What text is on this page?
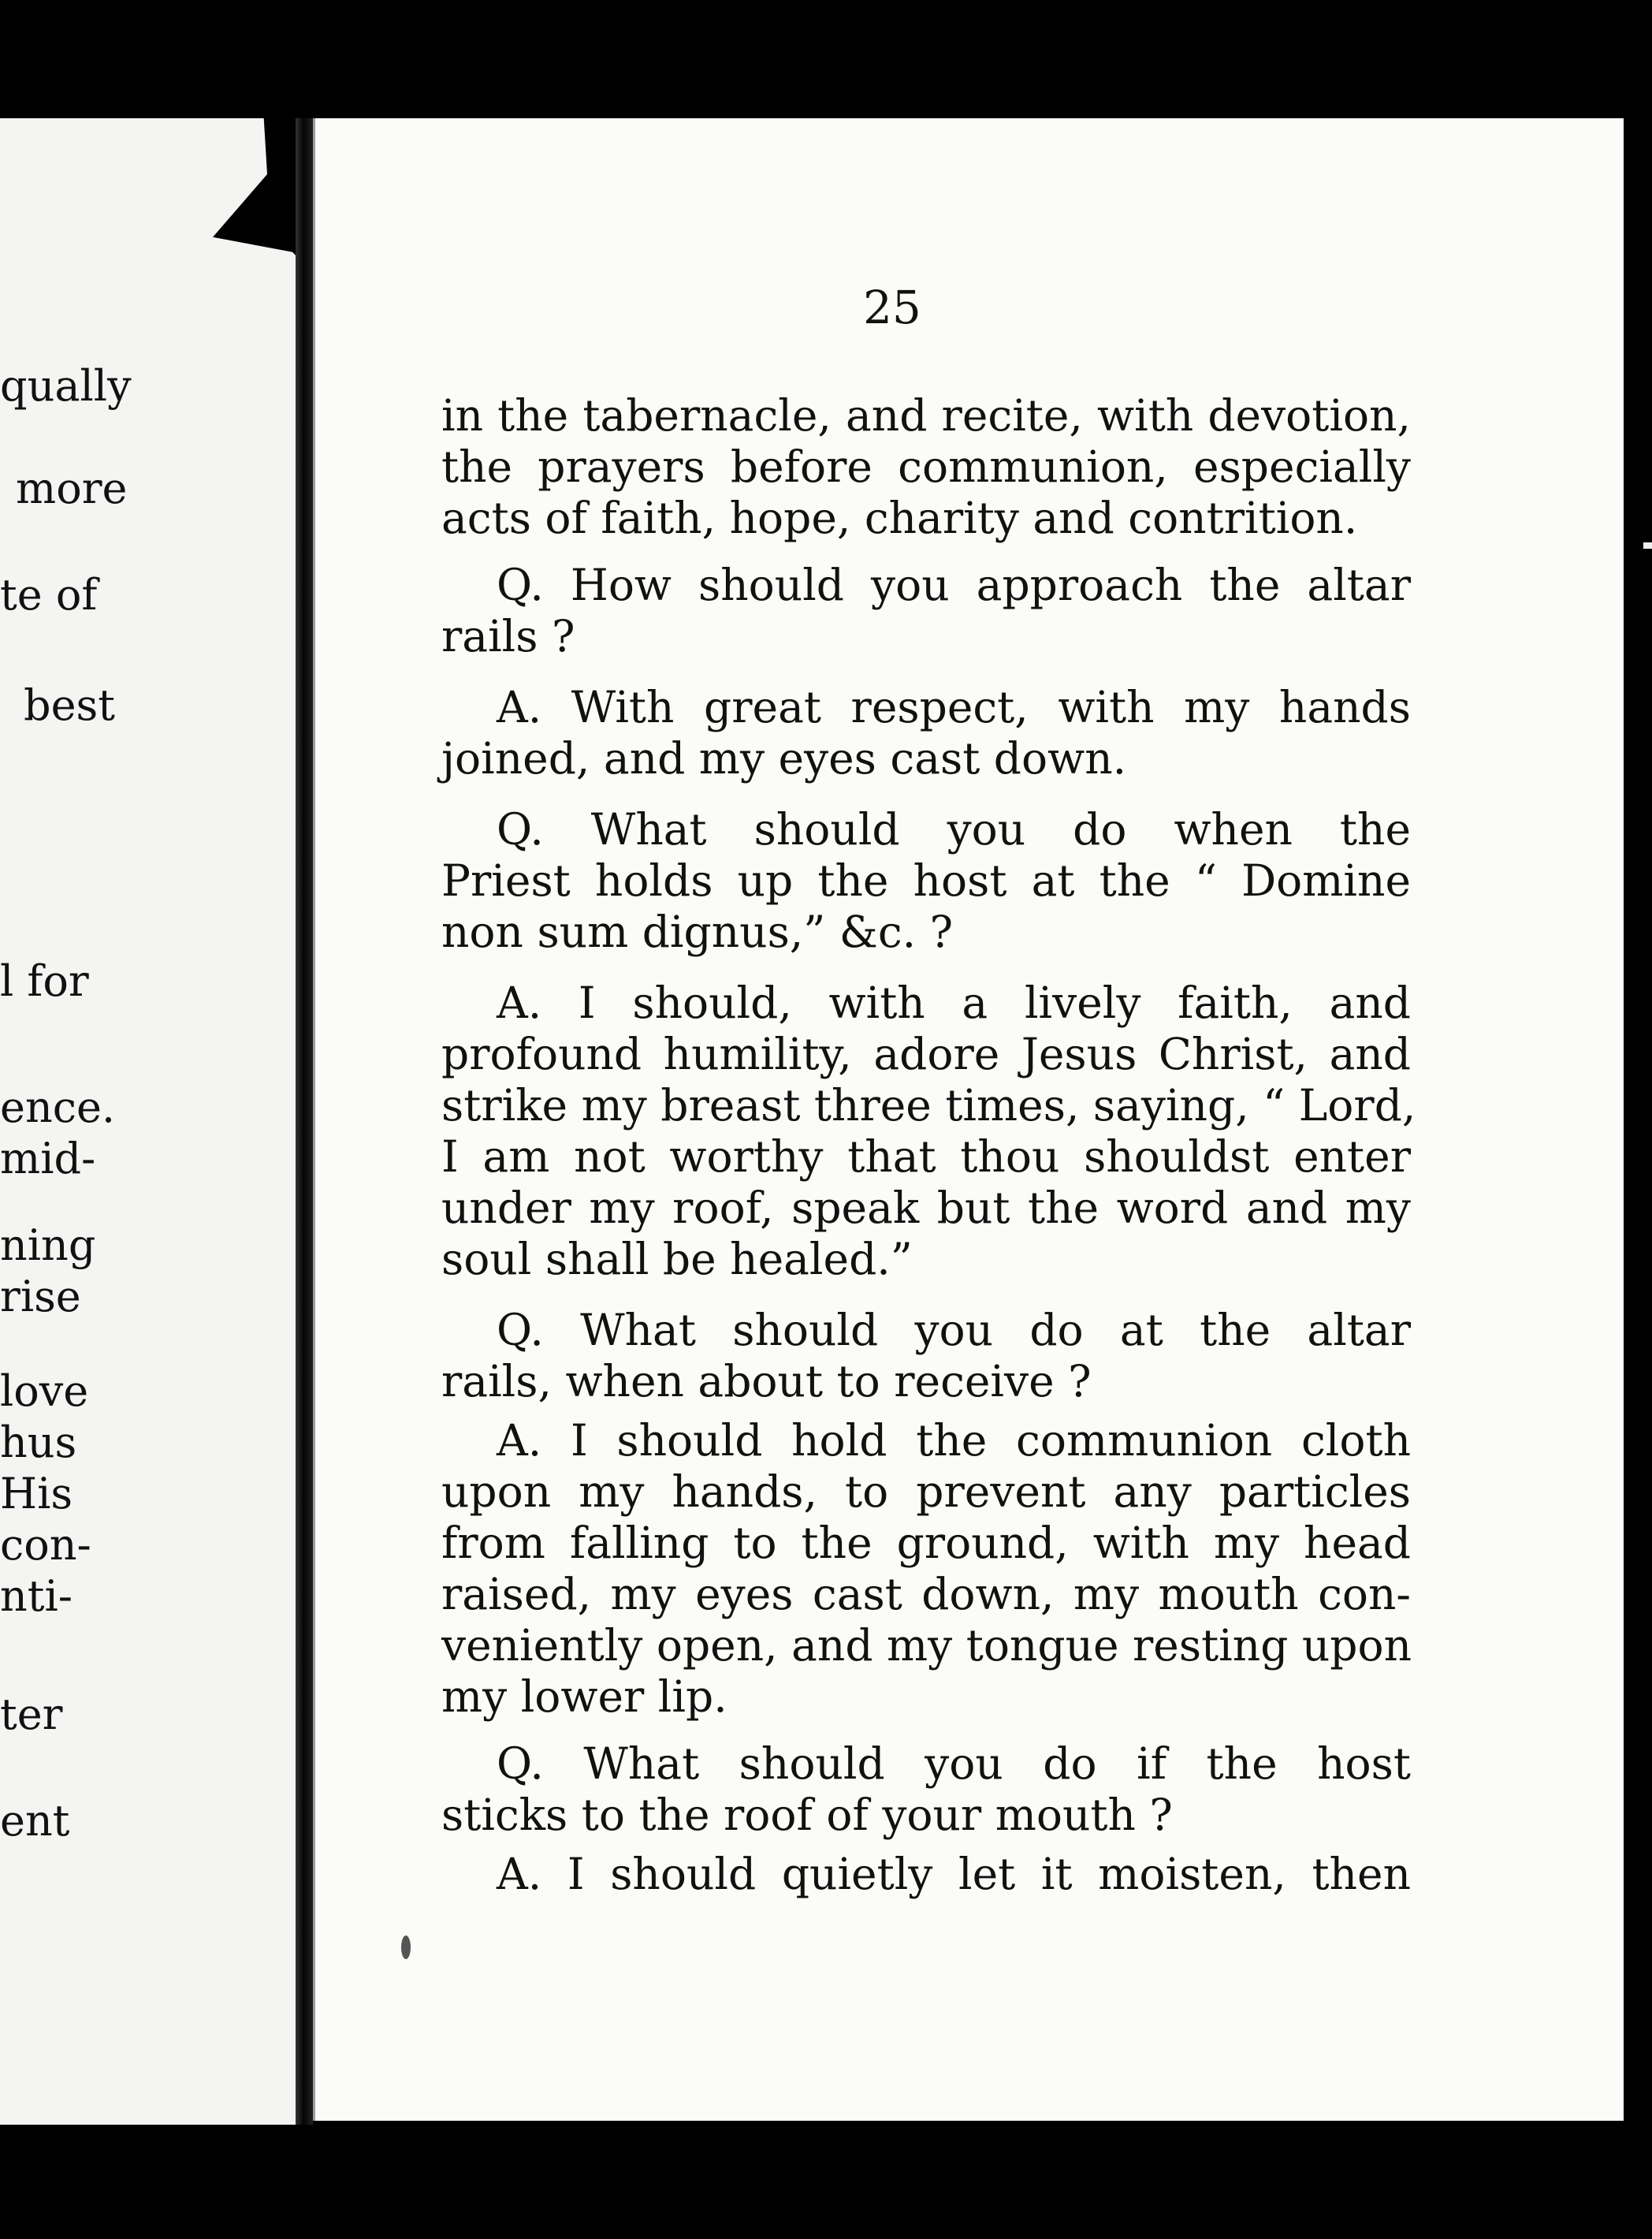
qually
more
te of
best
l for
ence.
mid-
ning
rise
love
hus
His
con-
nti-
ter
ent
25
in the tabernacle, and recite, with devotion,
the prayers before communion, especially
acts of faith, hope, charity and contrition.
Q. How should you approach the altar
rails ?
A. With great respect, with my hands
joined, and my eyes cast down.
Q. What should you do when the
Priest holds up the host at the “ Domine
non sum dignus,” &c. ?
A. I should, with a lively faith, and
profound humility, adore Jesus Christ, and
strike my breast three times, saying, “ Lord,
I am not worthy that thou shouldst enter
under my roof, speak but the word and my
soul shall be healed.”
Q. What should you do at the altar
rails, when about to receive ?
A. I should hold the communion cloth
upon my hands, to prevent any particles
from falling to the ground, with my head
raised, my eyes cast down, my mouth con-
veniently open, and my tongue resting upon
my lower lip.
Q. What should you do if the host
sticks to the roof of your mouth ?
A. I should quietly let it moisten, then
